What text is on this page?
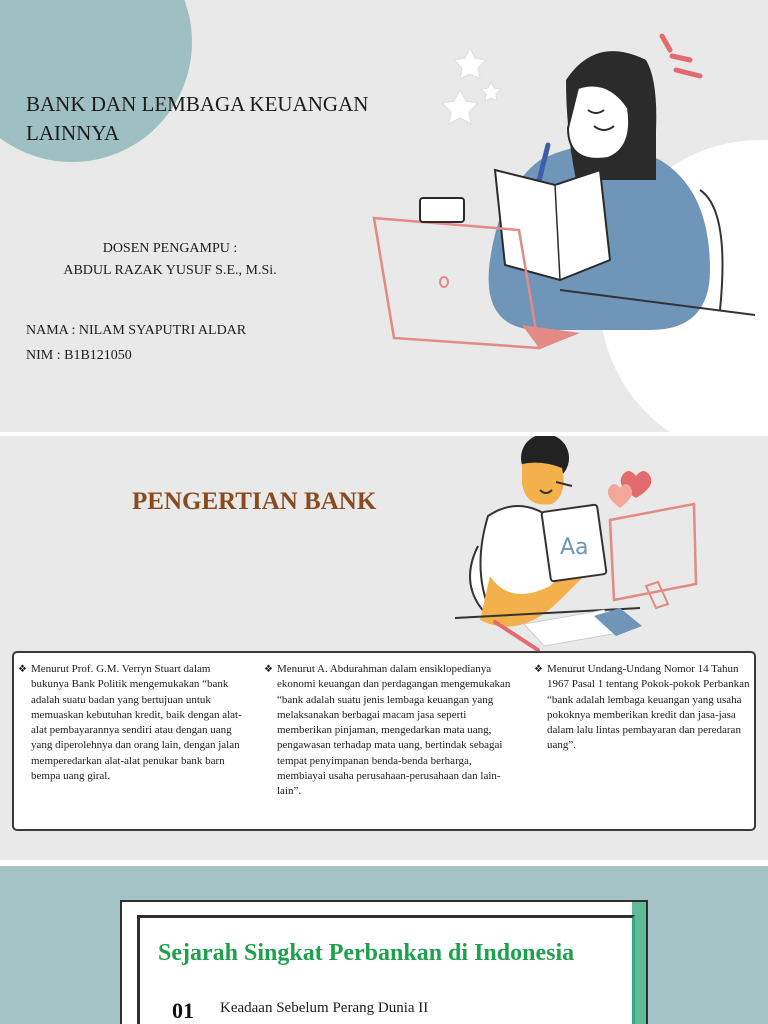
BANK DAN LEMBAGA KEUANGAN LAINNYA
DOSEN PENGAMPU :
ABDUL RAZAK YUSUF S.E., M.Si.
NAMA : NILAM SYAPUTRI ALDAR
NIM : B1B121050
Aa
PENGERTIAN BANK
❖ Menurut Prof. G.M. Verryn Stuart dalam bukunya Bank Politik mengemukakan “bank adalah suatu badan yang bertujuan untuk memuaskan kebutuhan kredit, baik dengan alat-alat pembayarannya sendiri atau dengan uang yang diperolehnya dan orang lain, dengan jalan memperedarkan alat-alat penukar bank barn bempa uang giral.

❖ Menurut A. Abdurahman dalam ensiklopedianya ekonomi keuangan dan perdagangan mengemukakan “bank adalah suatu jenis lembaga keuangan yang melaksanakan berbagai macam jasa seperti memberikan pinjaman, mengedarkan mata uang, pengawasan terhadap mata uang, bertindak sebagai tempat penyimpanan benda-benda berharga, membiayai usaha perusahaan-perusahaan dan lain-lain”.

❖ Menurut Undang-Undang Nomor 14 Tahun 1967 Pasal 1 tentang Pokok-pokok Perbankan “bank adalah lembaga keuangan yang usaha pokoknya memberikan kredit dan jasa-jasa dalam lalu lintas pembayaran dan peredaran uang”.

Sejarah Singkat Perbankan di Indonesia
01 Keadaan Sebelum Perang Dunia II
